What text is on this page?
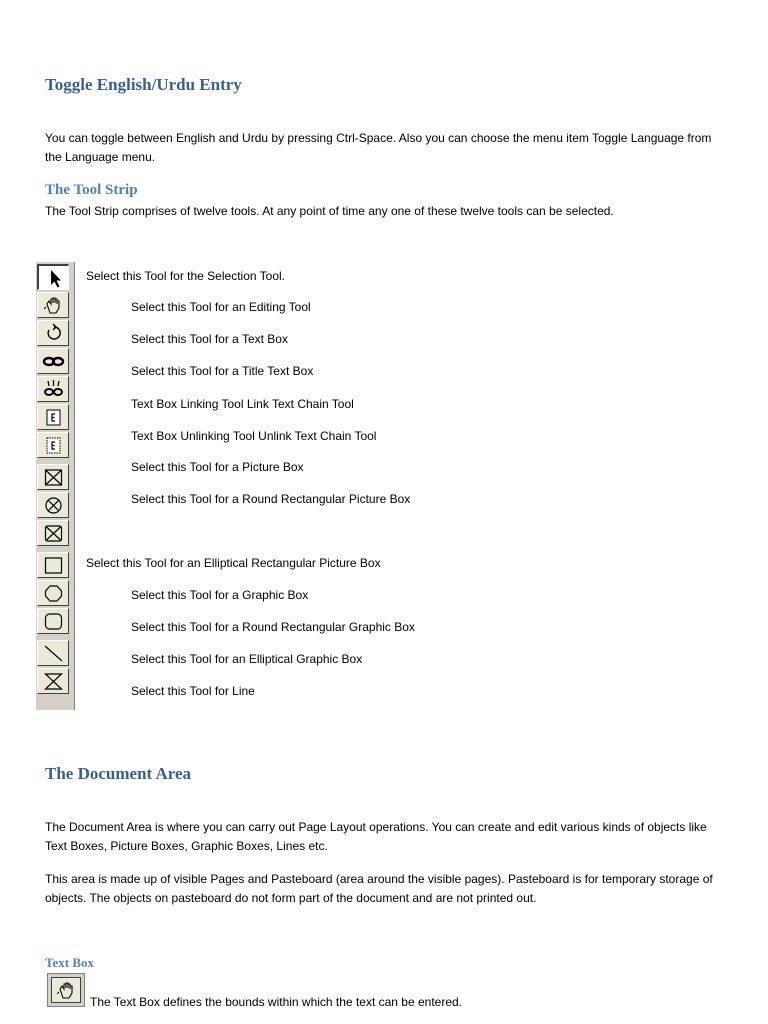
Toggle English/Urdu Entry
You can toggle between English and Urdu by pressing Ctrl-Space. Also you can choose the menu item Toggle Language from the Language menu.
The Tool Strip
The Tool Strip comprises of twelve tools. At any point of time any one of these twelve tools can be selected.
Select this Tool for the Selection Tool.
Select this Tool for an Editing Tool
Select this Tool for a Text Box
Select this Tool for a Title Text Box
Text Box Linking Tool Link Text Chain Tool
Text Box Unlinking Tool Unlink Text Chain Tool
Select this Tool for a Picture Box
Select this Tool for a Round Rectangular Picture Box
Select this Tool for an Elliptical Rectangular Picture Box
Select this Tool for a Graphic Box
Select this Tool for a Round Rectangular Graphic Box
Select this Tool for an Elliptical Graphic Box
Select this Tool for Line
The Document Area
The Document Area is where you can carry out Page Layout operations. You can create and edit various kinds of objects like Text Boxes, Picture Boxes, Graphic Boxes, Lines etc.
This area is made up of visible Pages and Pasteboard (area around the visible pages). Pasteboard is for temporary storage of objects. The objects on pasteboard do not form part of the document and are not printed out.
Text Box
The Text Box defines the bounds within which the text can be entered.
